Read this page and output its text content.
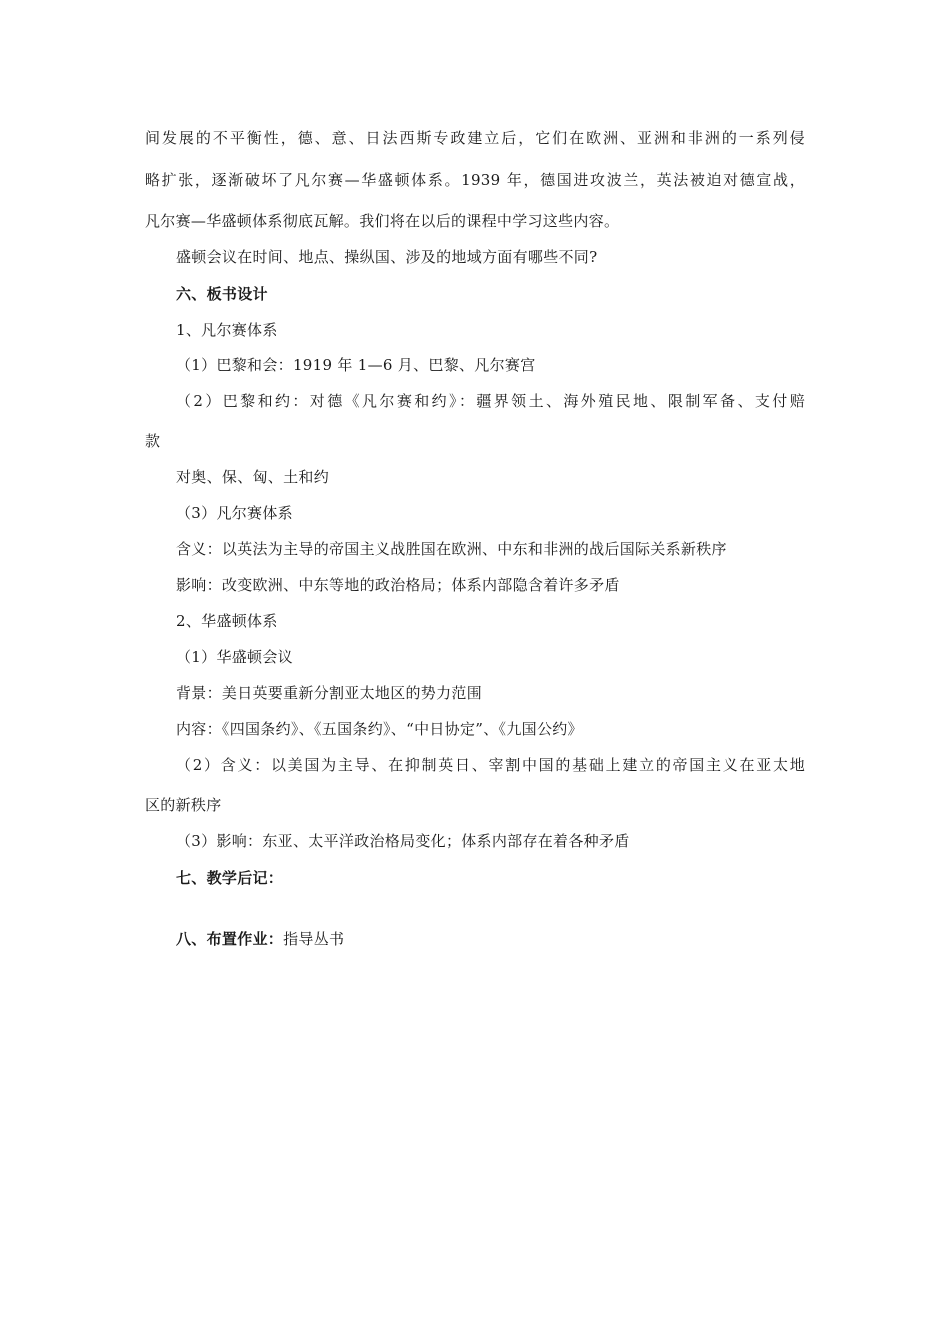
间发展的不平衡性，德、意、日法西斯专政建立后，它们在欧洲、亚洲和非洲的一系列侵
略扩张，逐渐破坏了凡尔赛—华盛顿体系。1939 年，德国进攻波兰，英法被迫对德宣战，
凡尔赛—华盛顿体系彻底瓦解。我们将在以后的课程中学习这些内容。
盛顿会议在时间、地点、操纵国、涉及的地域方面有哪些不同?
六、板书设计
1、凡尔赛体系
（1）巴黎和会：1919 年 1—6 月、巴黎、凡尔赛宫
（2）巴黎和约：对德《凡尔赛和约》：疆界领土、海外殖民地、限制军备、支付赔
款
对奥、保、匈、土和约
（3）凡尔赛体系
含义：以英法为主导的帝国主义战胜国在欧洲、中东和非洲的战后国际关系新秩序
影响：改变欧洲、中东等地的政治格局；体系内部隐含着许多矛盾
2、华盛顿体系
（1）华盛顿会议
背景：美日英要重新分割亚太地区的势力范围
内容：《四国条约》、《五国条约》、“中日协定”、《九国公约》
（2）含义：以美国为主导、在抑制英日、宰割中国的基础上建立的帝国主义在亚太地
区的新秩序
（3）影响：东亚、太平洋政治格局变化；体系内部存在着各种矛盾
七、教学后记：
八、布置作业：指导丛书
